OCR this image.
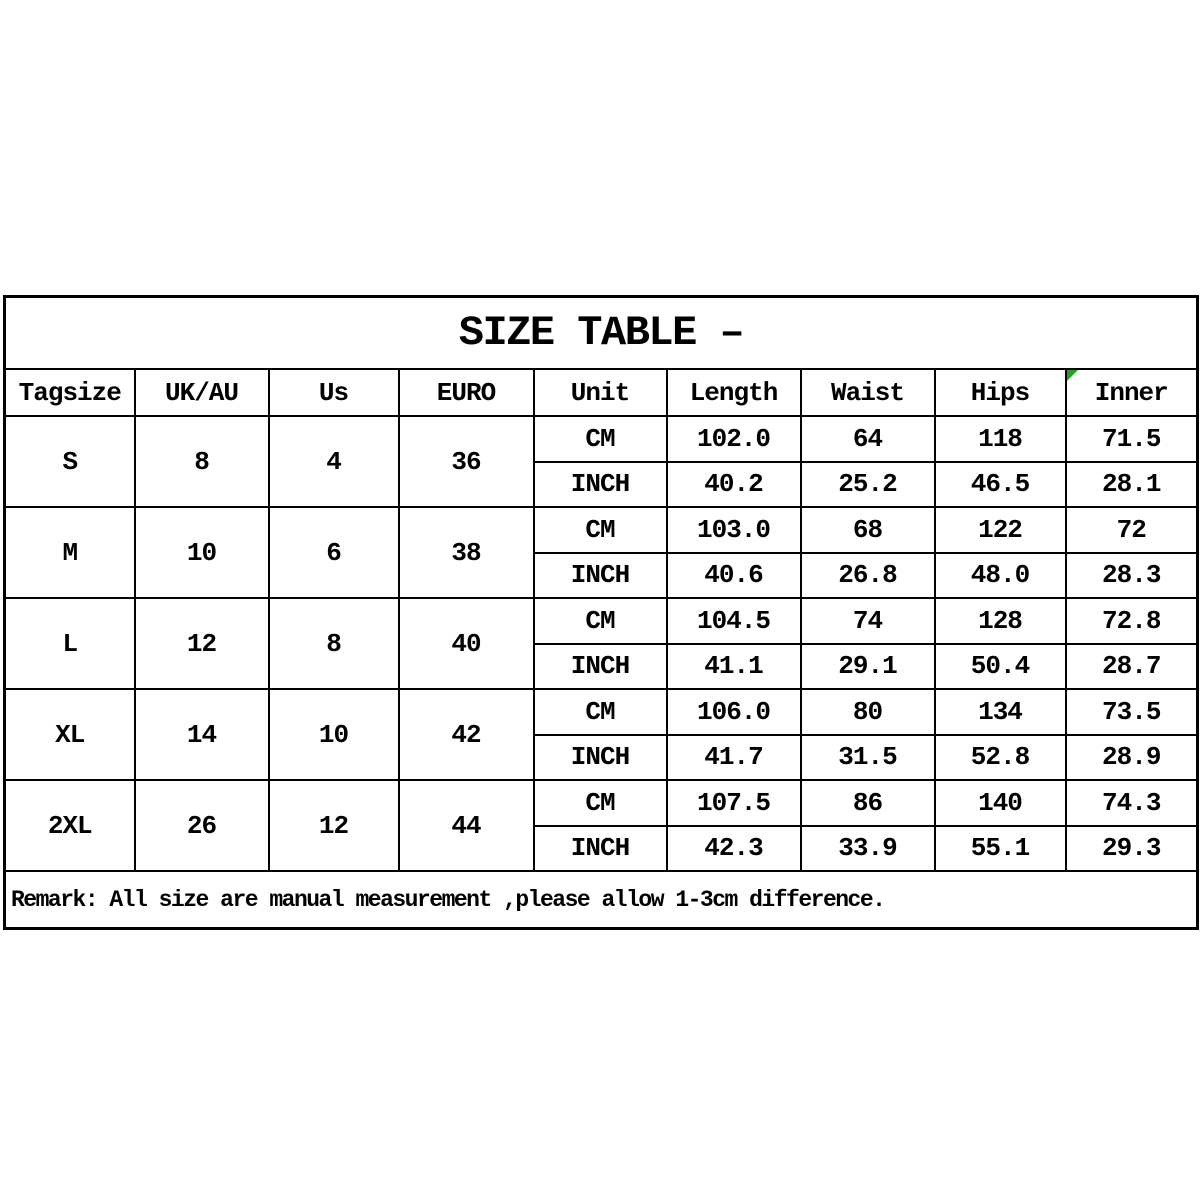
SIZE TABLE –								
Tagsize	UK/AU	Us	EURO	Unit	Length	Waist	Hips	Inner
S	8	4	36	CM	102.0	64	118	71.5
				INCH	40.2	25.2	46.5	28.1
M	10	6	38	CM	103.0	68	122	72
				INCH	40.6	26.8	48.0	28.3
L	12	8	40	CM	104.5	74	128	72.8
				INCH	41.1	29.1	50.4	28.7
XL	14	10	42	CM	106.0	80	134	73.5
				INCH	41.7	31.5	52.8	28.9
2XL	26	12	44	CM	107.5	86	140	74.3
				INCH	42.3	33.9	55.1	29.3
Remark: All size are manual measurement ,please allow 1-3cm difference.								
